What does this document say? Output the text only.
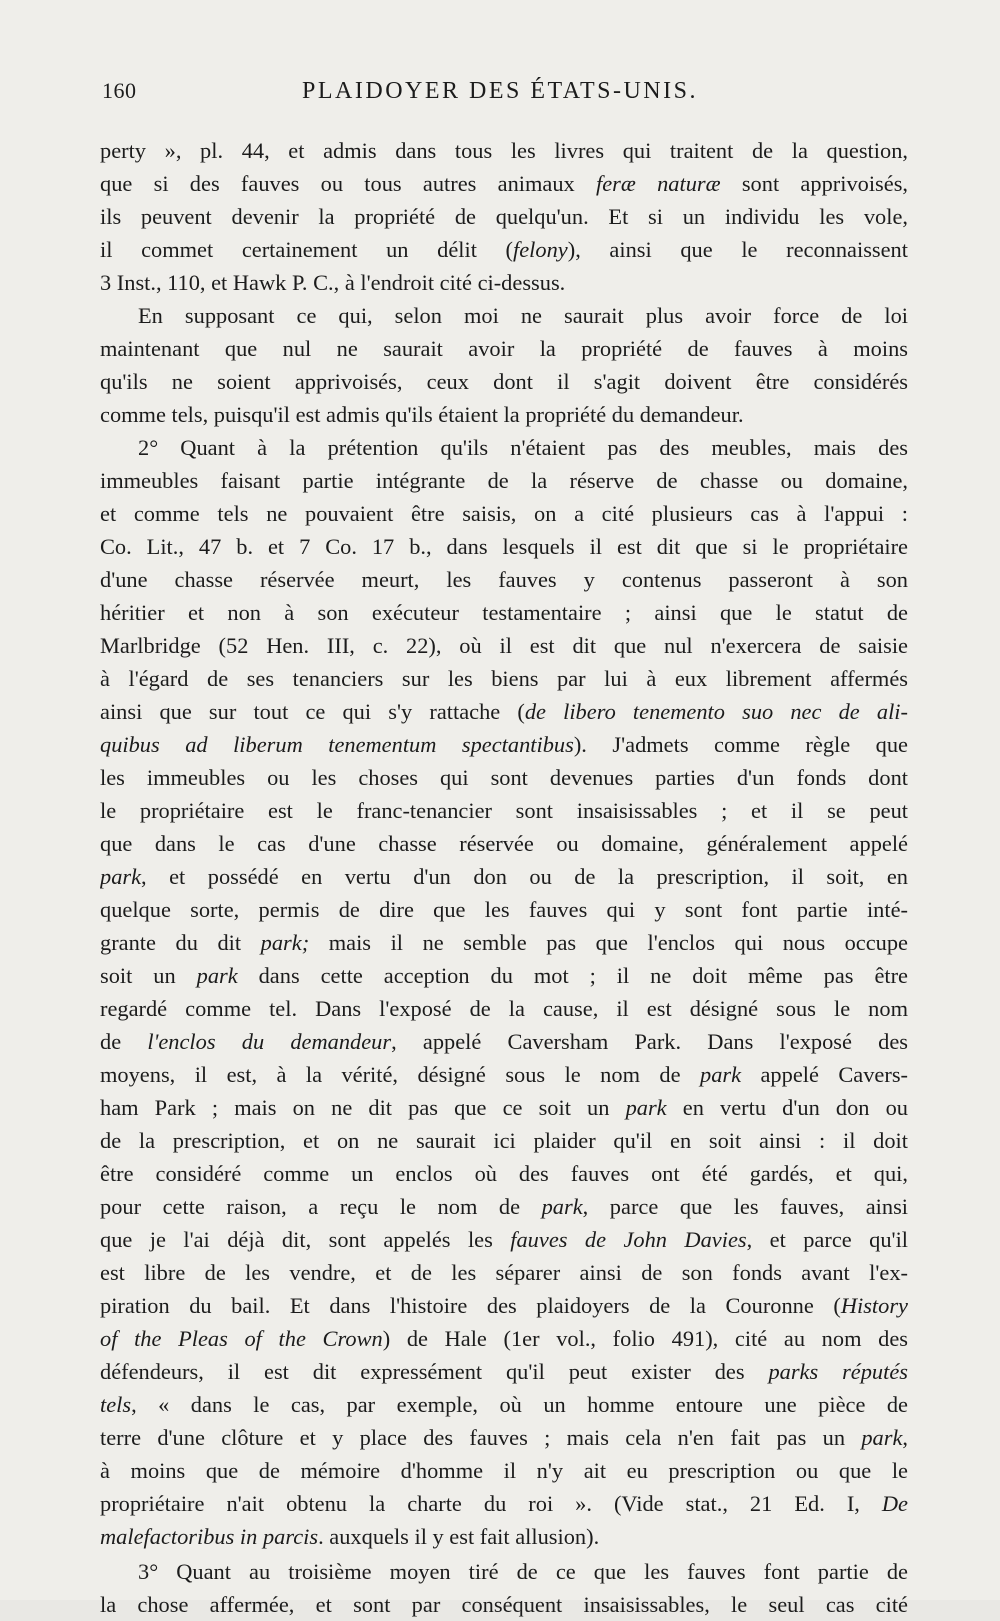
160	PLAIDOYER DES ÉTATS-UNIS.
perty », pl. 44, et admis dans tous les livres qui traitent de la question,
que si des fauves ou tous autres animaux feræ naturæ sont apprivoisés,
ils peuvent devenir la propriété de quelqu'un. Et si un individu les vole,
il commet certainement un délit (felony), ainsi que le reconnaissent
3 Inst., 110, et Hawk P. C., à l'endroit cité ci-dessus.
En supposant ce qui, selon moi ne saurait plus avoir force de loi
maintenant que nul ne saurait avoir la propriété de fauves à moins
qu'ils ne soient apprivoisés, ceux dont il s'agit doivent être considérés
comme tels, puisqu'il est admis qu'ils étaient la propriété du demandeur.
2° Quant à la prétention qu'ils n'étaient pas des meubles, mais des
immeubles faisant partie intégrante de la réserve de chasse ou domaine,
et comme tels ne pouvaient être saisis, on a cité plusieurs cas à l'appui :
Co. Lit., 47 b. et 7 Co. 17 b., dans lesquels il est dit que si le propriétaire
d'une chasse réservée meurt, les fauves y contenus passeront à son
héritier et non à son exécuteur testamentaire ; ainsi que le statut de
Marlbridge (52 Hen. III, c. 22), où il est dit que nul n'exercera de saisie
à l'égard de ses tenanciers sur les biens par lui à eux librement affermés
ainsi que sur tout ce qui s'y rattache (de libero tenemento suo nec de ali-
quibus ad liberum tenementum spectantibus). J'admets comme règle que
les immeubles ou les choses qui sont devenues parties d'un fonds dont
le propriétaire est le franc-tenancier sont insaisissables ; et il se peut
que dans le cas d'une chasse réservée ou domaine, généralement appelé
park, et possédé en vertu d'un don ou de la prescription, il soit, en
quelque sorte, permis de dire que les fauves qui y sont font partie inté-
grante du dit park; mais il ne semble pas que l'enclos qui nous occupe
soit un park dans cette acception du mot ; il ne doit même pas être
regardé comme tel. Dans l'exposé de la cause, il est désigné sous le nom
de l'enclos du demandeur, appelé Caversham Park. Dans l'exposé des
moyens, il est, à la vérité, désigné sous le nom de park appelé Cavers-
ham Park ; mais on ne dit pas que ce soit un park en vertu d'un don ou
de la prescription, et on ne saurait ici plaider qu'il en soit ainsi : il doit
être considéré comme un enclos où des fauves ont été gardés, et qui,
pour cette raison, a reçu le nom de park, parce que les fauves, ainsi
que je l'ai déjà dit, sont appelés les fauves de John Davies, et parce qu'il
est libre de les vendre, et de les séparer ainsi de son fonds avant l'ex-
piration du bail. Et dans l'histoire des plaidoyers de la Couronne (History
of the Pleas of the Crown) de Hale (1er vol., folio 491), cité au nom des
défendeurs, il est dit expressément qu'il peut exister des parks réputés
tels, « dans le cas, par exemple, où un homme entoure une pièce de
terre d'une clôture et y place des fauves ; mais cela n'en fait pas un park,
à moins que de mémoire d'homme il n'y ait eu prescription ou que le
propriétaire n'ait obtenu la charte du roi ». (Vide stat., 21 Ed. I, De
malefactoribus in parcis. auxquels il y est fait allusion).
3° Quant au troisième moyen tiré de ce que les fauves font partie de
la chose affermée, et sont par conséquent insaisissables, le seul cas cité
